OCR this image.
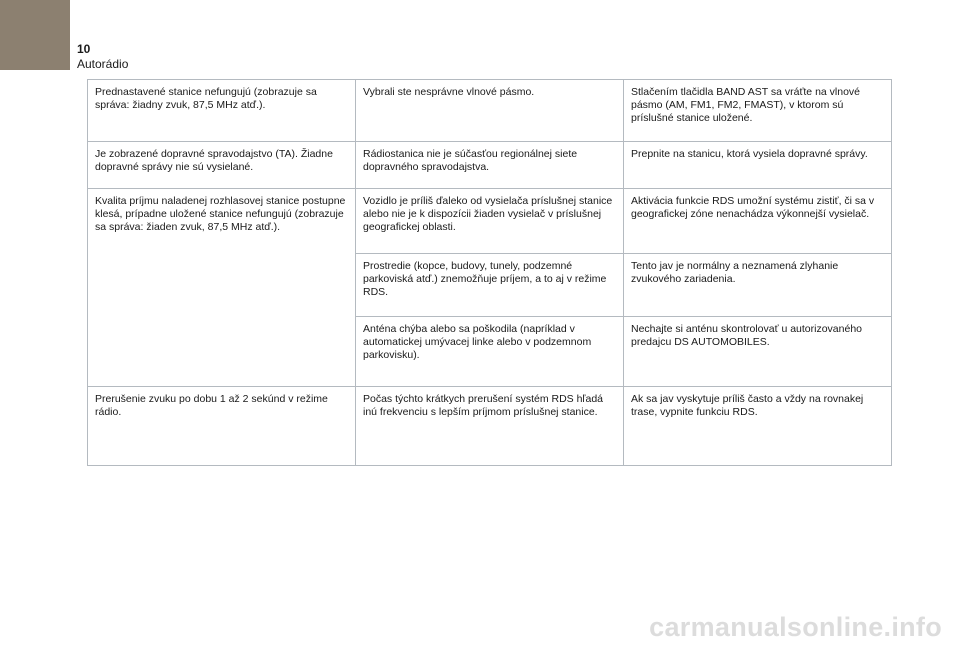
10
Autorádio
Prednastavené stanice nefungujú (zobrazuje sa správa: žiadny zvuk, 87,5 MHz atď.).	Vybrali ste nesprávne vlnové pásmo.	Stlačením tlačidla BAND AST sa vráťte na vlnové pásmo (AM, FM1, FM2, FMAST), v ktorom sú príslušné stanice uložené.
Je zobrazené dopravné spravodajstvo (TA). Žiadne dopravné správy nie sú vysielané.	Rádiostanica nie je súčasťou regionálnej siete dopravného spravodajstva.	Prepnite na stanicu, ktorá vysiela dopravné správy.
Kvalita príjmu naladenej rozhlasovej stanice postupne klesá, prípadne uložené stanice nefungujú (zobrazuje sa správa: žiaden zvuk, 87,5 MHz atď.).	Vozidlo je príliš ďaleko od vysielača príslušnej stanice alebo nie je k dispozícii žiaden vysielač v príslušnej geografickej oblasti.	Aktivácia funkcie RDS umožní systému zistiť, či sa v geografickej zóne nenachádza výkonnejší vysielač.
	Prostredie (kopce, budovy, tunely, podzemné parkoviská atď.) znemožňuje príjem, a to aj v režime RDS.	Tento jav je normálny a neznamená zlyhanie zvukového zariadenia.
	Anténa chýba alebo sa poškodila (napríklad v automatickej umývacej linke alebo v podzemnom parkovisku).	Nechajte si anténu skontrolovať u autorizovaného predajcu DS AUTOMOBILES.
Prerušenie zvuku po dobu 1 až 2 sekúnd v režime rádio.	Počas týchto krátkych prerušení systém RDS hľadá inú frekvenciu s lepším príjmom príslušnej stanice.	Ak sa jav vyskytuje príliš často a vždy na rovnakej trase, vypnite funkciu RDS.
carmanualsonline.info
